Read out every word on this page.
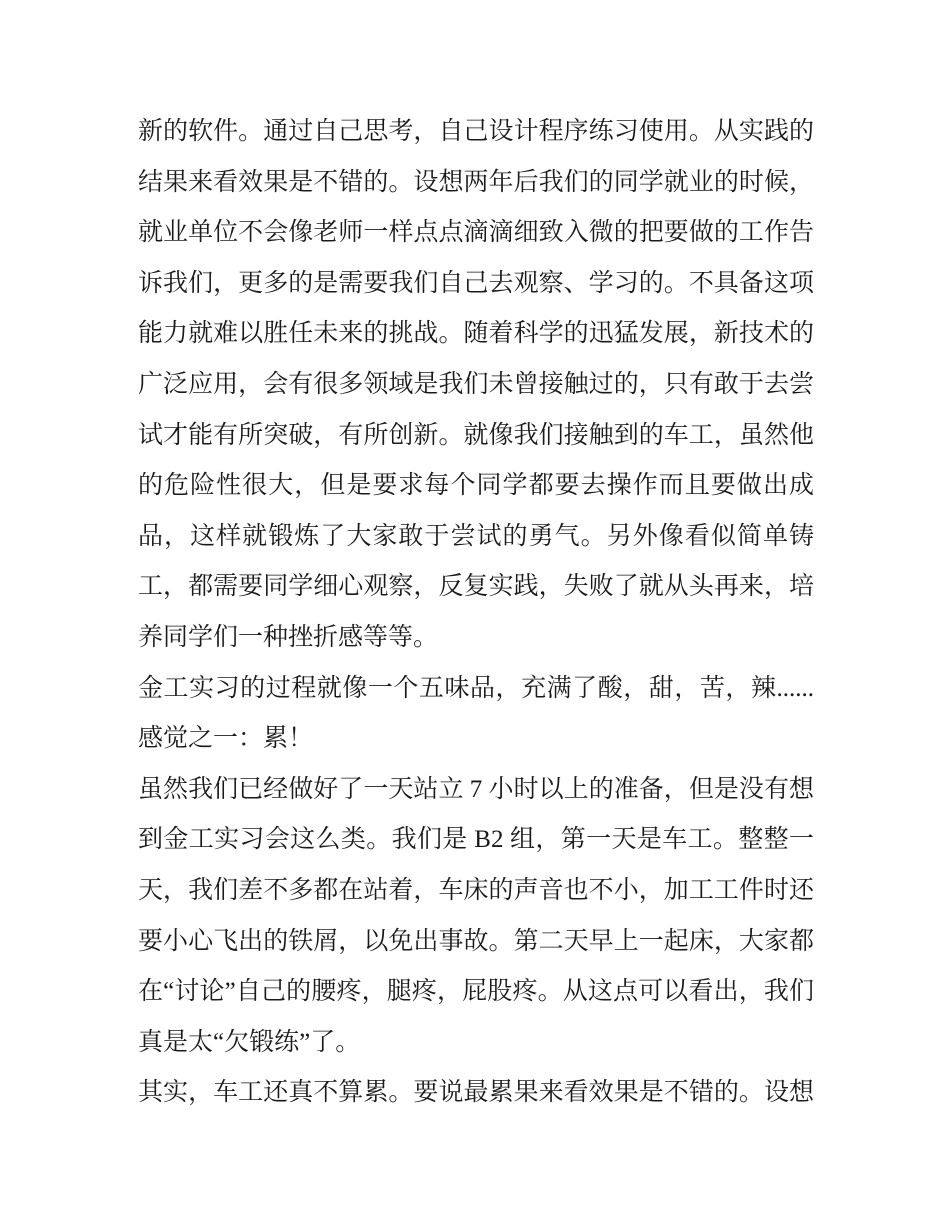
新的软件。通过自己思考，自己设计程序练习使用。从实践的
结果来看效果是不错的。设想两年后我们的同学就业的时候，
就业单位不会像老师一样点点滴滴细致入微的把要做的工作告
诉我们，更多的是需要我们自己去观察、学习的。不具备这项
能力就难以胜任未来的挑战。随着科学的迅猛发展，新技术的
广泛应用，会有很多领域是我们未曾接触过的，只有敢于去尝
试才能有所突破，有所创新。就像我们接触到的车工，虽然他
的危险性很大，但是要求每个同学都要去操作而且要做出成
品，这样就锻炼了大家敢于尝试的勇气。另外像看似简单铸
工，都需要同学细心观察，反复实践，失败了就从头再来，培
养同学们一种挫折感等等。
金工实习的过程就像一个五味品，充满了酸，甜，苦，辣......
感觉之一：累！
虽然我们已经做好了一天站立 7 小时以上的准备，但是没有想
到金工实习会这么类。我们是 B2 组，第一天是车工。整整一
天，我们差不多都在站着，车床的声音也不小，加工工件时还
要小心飞出的铁屑，以免出事故。第二天早上一起床，大家都
在“讨论”自己的腰疼，腿疼，屁股疼。从这点可以看出，我们
真是太“欠锻练”了。
其实，车工还真不算累。要说最累果来看效果是不错的。设想
